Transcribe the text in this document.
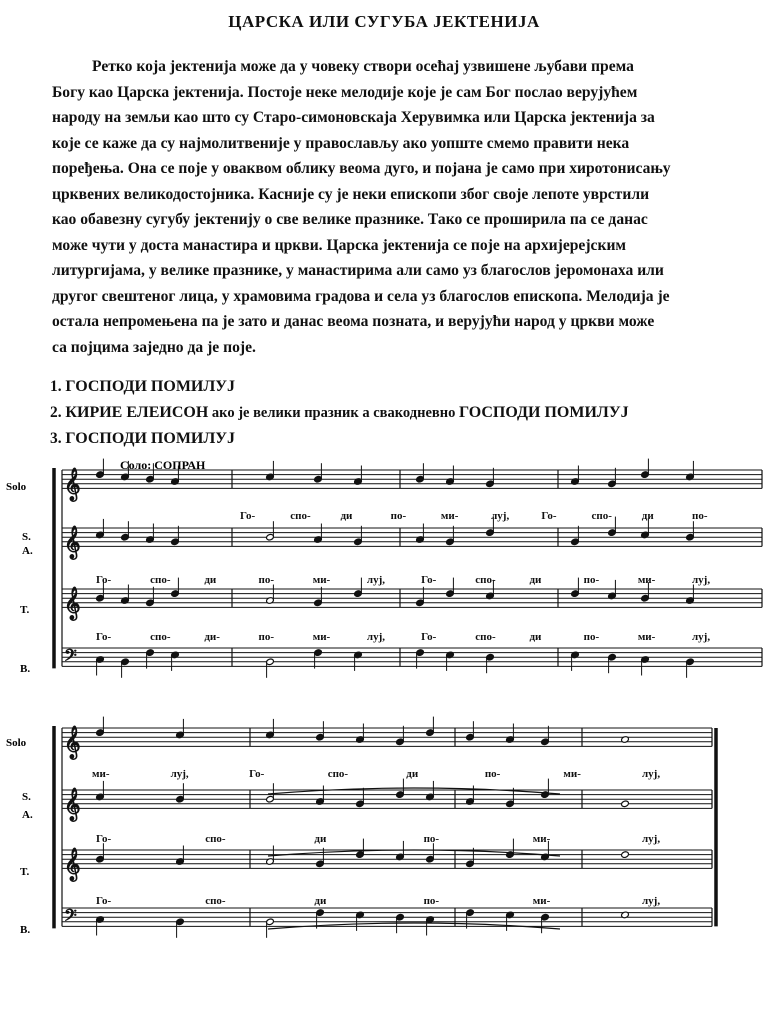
ЦАРСКА ИЛИ СУГУБА ЈЕКТЕНИЈА
Ретко која јектенија може да у човеку створи осећај узвишене љубави према
Богу као Царска јектенија. Постоје неке мелодије које је сам Бог послао верујућем
народу на земљи као што су Старо-симоновскаја Херувимка или Царска јектенија за
које се каже да су најмолитвеније у православљу ако уопште смемо правити нека
поређења. Она се поје у оваквом облику веома дуго, и појана је само при хиротонисању
црквених великодостојника. Касније су је неки епископи због своје лепоте уврстили
као обавезну сугубу јектенију о све велике празнике. Тако се проширила па се данас
може чути у доста манастира и цркви. Царска јектенија се поје на архијерејским
литургијама, у велике празнике, у манастирима али само уз благослов јеромонаха или
другог свештеног лица, у храмовима градова и села уз благослов епископа. Мелодија је
остала непромењена па је зато и данас веома позната, и верујући народ у цркви може
са појцима заједно да је поје.
1. ГОСПОДИ ПОМИЛУЈ
2. КИРИЕ ЕЛЕИСОН ако је велики празник а свакодневно ГОСПОДИ ПОМИЛУЈ
3. ГОСПОДИ ПОМИЛУЈ
Соло: СОПРАН
𝄞
𝄞
𝄞
𝄢
𝄞
𝄞
𝄞
𝄢
Solo
S.
A.
T.
B.
Solo
S.
A.
T.
B.
Го-	спо-	ди	по-	ми-	луј,	Го-	спо-	ди	по-
Го-	спо-	ди	по-	ми-	луј,	Го-	спо-	ди	по-	ми-	луј,
Го-	спо-	ди-	по-	ми-	луј,	Го-	спо-	ди	по-	ми-	луј,
ми-	луј,	Го-	спо-	ди	по-	ми-	луј,
Го-	спо-	ди	по-	ми-	луј,
Го-	спо-	ди	по-	ми-	луј,
